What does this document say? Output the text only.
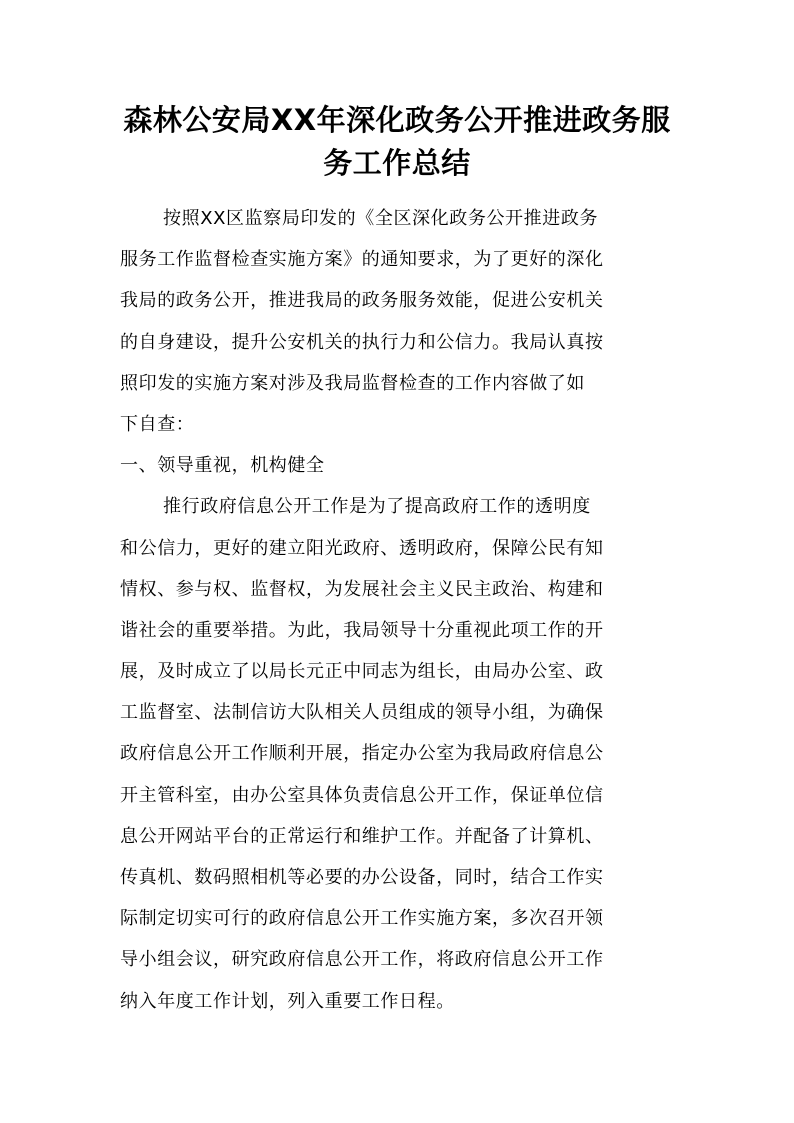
森林公安局XX年深化政务公开推进政务服
务工作总结
按照XX区监察局印发的《全区深化政务公开推进政务
服务工作监督检查实施方案》的通知要求，为了更好的深化
我局的政务公开，推进我局的政务服务效能，促进公安机关
的自身建设，提升公安机关的执行力和公信力。我局认真按
照印发的实施方案对涉及我局监督检查的工作内容做了如
下自查：
一、领导重视，机构健全
推行政府信息公开工作是为了提高政府工作的透明度
和公信力，更好的建立阳光政府、透明政府，保障公民有知
情权、参与权、监督权，为发展社会主义民主政治、构建和
谐社会的重要举措。为此，我局领导十分重视此项工作的开
展，及时成立了以局长元正中同志为组长，由局办公室、政
工监督室、法制信访大队相关人员组成的领导小组，为确保
政府信息公开工作顺利开展，指定办公室为我局政府信息公
开主管科室，由办公室具体负责信息公开工作，保证单位信
息公开网站平台的正常运行和维护工作。并配备了计算机、
传真机、数码照相机等必要的办公设备，同时，结合工作实
际制定切实可行的政府信息公开工作实施方案，多次召开领
导小组会议，研究政府信息公开工作，将政府信息公开工作
纳入年度工作计划，列入重要工作日程。
